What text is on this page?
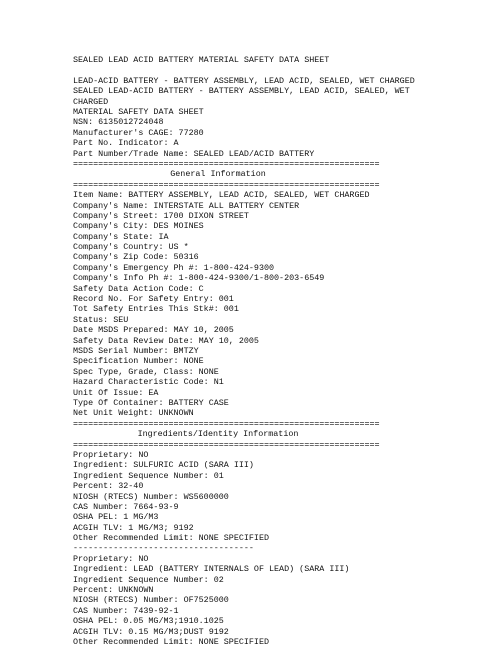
SEALED LEAD ACID BATTERY MATERIAL SAFETY DATA SHEET
LEAD-ACID BATTERY - BATTERY ASSEMBLY, LEAD ACID, SEALED, WET CHARGED
SEALED LEAD-ACID BATTERY - BATTERY ASSEMBLY, LEAD ACID, SEALED, WET
CHARGED
MATERIAL SAFETY DATA SHEET
NSN: 6135012724048
Manufacturer's CAGE: 77280
Part No. Indicator: A
Part Number/Trade Name: SEALED LEAD/ACID BATTERY
=============================================================
General Information
=============================================================
Item Name: BATTERY ASSEMBLY, LEAD ACID, SEALED, WET CHARGED
Company's Name: INTERSTATE ALL BATTERY CENTER
Company's Street: 1700 DIXON STREET
Company's City: DES MOINES
Company's State: IA
Company's Country: US *
Company's Zip Code: 50316
Company's Emergency Ph #: 1-800-424-9300
Company's Info Ph #: 1-800-424-9300/1-800-203-6549
Safety Data Action Code: C
Record No. For Safety Entry: 001
Tot Safety Entries This Stk#: 001
Status: SEU
Date MSDS Prepared: MAY 10, 2005
Safety Data Review Date: MAY 10, 2005
MSDS Serial Number: BMTZY
Specification Number: NONE
Spec Type, Grade, Class: NONE
Hazard Characteristic Code: N1
Unit Of Issue: EA
Type Of Container: BATTERY CASE
Net Unit Weight: UNKNOWN
=============================================================
Ingredients/Identity Information
=============================================================
Proprietary: NO
Ingredient: SULFURIC ACID (SARA III)
Ingredient Sequence Number: 01
Percent: 32-40
NIOSH (RTECS) Number: WS5600000
CAS Number: 7664-93-9
OSHA PEL: 1 MG/M3
ACGIH TLV: 1 MG/M3; 9192
Other Recommended Limit: NONE SPECIFIED
------------------------------------
Proprietary: NO
Ingredient: LEAD (BATTERY INTERNALS OF LEAD) (SARA III)
Ingredient Sequence Number: 02
Percent: UNKNOWN
NIOSH (RTECS) Number: OF7525000
CAS Number: 7439-92-1
OSHA PEL: 0.05 MG/M3;1910.1025
ACGIH TLV: 0.15 MG/M3;DUST 9192
Other Recommended Limit: NONE SPECIFIED
